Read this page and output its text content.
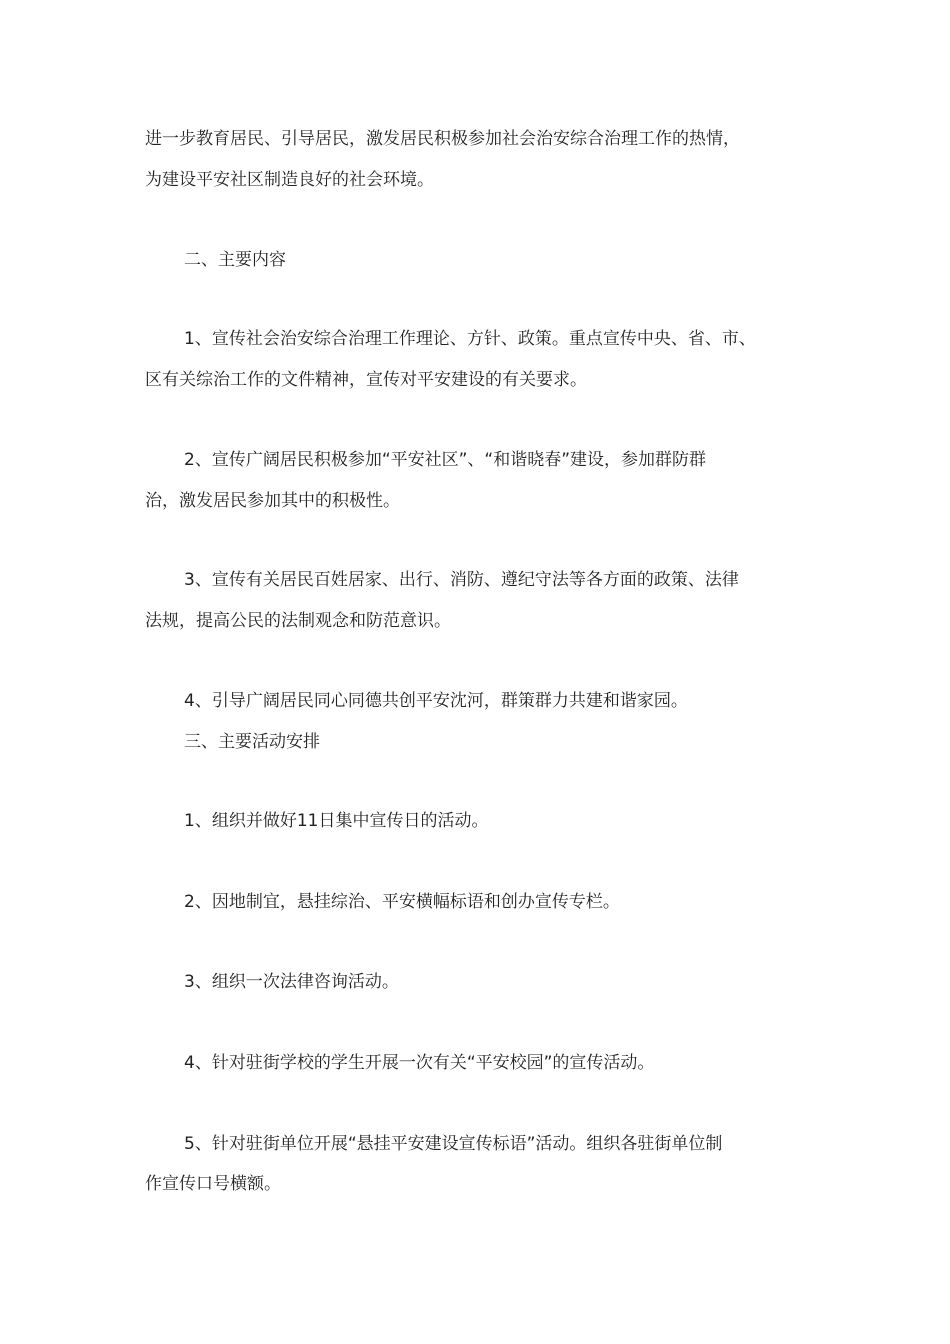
进一步教育居民、引导居民，激发居民积极参加社会治安综合治理工作的热情，
为建设平安社区制造良好的社会环境。
二、主要内容
1、宣传社会治安综合治理工作理论、方针、政策。重点宣传中央、省、市、
区有关综治工作的文件精神，宣传对平安建设的有关要求。
2、宣传广阔居民积极参加“平安社区”、“和谐晓春”建设，参加群防群
治，激发居民参加其中的积极性。
3、宣传有关居民百姓居家、出行、消防、遵纪守法等各方面的政策、法律
法规，提高公民的法制观念和防范意识。
4、引导广阔居民同心同德共创平安沈河，群策群力共建和谐家园。
三、主要活动安排
1、组织并做好11日集中宣传日的活动。
2、因地制宜，悬挂综治、平安横幅标语和创办宣传专栏。
3、组织一次法律咨询活动。
4、针对驻街学校的学生开展一次有关“平安校园”的宣传活动。
5、针对驻街单位开展“悬挂平安建设宣传标语”活动。组织各驻街单位制
作宣传口号横额。
